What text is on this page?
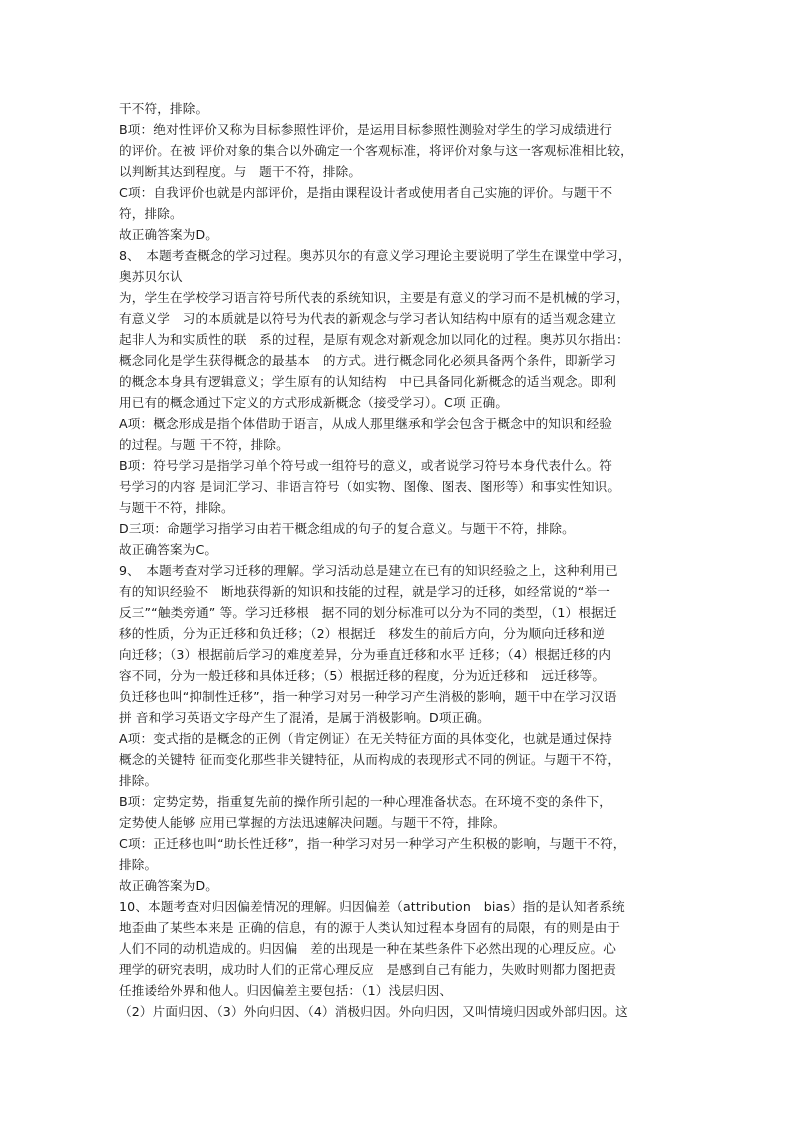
干不符，排除。
B项：绝对性评价又称为目标参照性评价，是运用目标参照性测验对学生的学习成绩进行
的评价。在被 评价对象的集合以外确定一个客观标准，将评价对象与这一客观标准相比较，
以判断其达到程度。与　题干不符，排除。
C项：自我评价也就是内部评价，是指由课程设计者或使用者自己实施的评价。与题干不
符，排除。
故正确答案为D。
8、　本题考查概念的学习过程。奥苏贝尔的有意义学习理论主要说明了学生在课堂中学习，
奥苏贝尔认
为，学生在学校学习语言符号所代表的系统知识，主要是有意义的学习而不是机械的学习，
有意义学　习的本质就是以符号为代表的新观念与学习者认知结构中原有的适当观念建立
起非人为和实质性的联　系的过程，是原有观念对新观念加以同化的过程。奥苏贝尔指出：
概念同化是学生获得概念的最基本　的方式。进行概念同化必须具备两个条件，即新学习
的概念本身具有逻辑意义；学生原有的认知结构　中已具备同化新概念的适当观念。即利
用已有的概念通过下定义的方式形成新概念（接受学习）。C项 正确。
A项：概念形成是指个体借助于语言，从成人那里继承和学会包含于概念中的知识和经验
的过程。与题 干不符，排除。
B项：符号学习是指学习单个符号或一组符号的意义，或者说学习符号本身代表什么。符
号学习的内容 是词汇学习、非语言符号（如实物、图像、图表、图形等）和事实性知识。
与题干不符，排除。
D三项：命题学习指学习由若干概念组成的句子的复合意义。与题干不符，排除。
故正确答案为C。
9、　本题考查对学习迁移的理解。学习活动总是建立在已有的知识经验之上，这种利用已
有的知识经验不　断地获得新的知识和技能的过程，就是学习的迁移，如经常说的“举一
反三”“触类旁通” 等。学习迁移根　据不同的划分标准可以分为不同的类型，（1）根据迁
移的性质，分为正迁移和负迁移；（2）根据迁　移发生的前后方向，分为顺向迁移和逆
向迁移；（3）根据前后学习的难度差异，分为垂直迁移和水平 迁移；（4）根据迁移的内
容不同，分为一般迁移和具体迁移；（5）根据迁移的程度，分为近迁移和　远迁移等。
负迁移也叫“抑制性迁移”，指一种学习对另一种学习产生消极的影响，题干中在学习汉语
拼 音和学习英语文字母产生了混淆，是属于消极影响。D项正确。
A项：变式指的是概念的正例（肯定例证）在无关特征方面的具体变化，也就是通过保持
概念的关键特 征而变化那些非关键特征，从而构成的表现形式不同的例证。与题干不符，
排除。
B项：定势定势，指重复先前的操作所引起的一种心理准备状态。在环境不变的条件下，
定势使人能够 应用已掌握的方法迅速解决问题。与题干不符，排除。
C项：正迁移也叫“助长性迁移”，指一种学习对另一种学习产生积极的影响，与题干不符，
排除。
故正确答案为D。
10、本题考查对归因偏差情况的理解。归因偏差（attribution　bias）指的是认知者系统
地歪曲了某些本来是 正确的信息，有的源于人类认知过程本身固有的局限，有的则是由于
人们不同的动机造成的。归因偏　差的出现是一种在某些条件下必然出现的心理反应。心
理学的研究表明，成功时人们的正常心理反应　是感到自己有能力，失败时则都力图把责
任推诿给外界和他人。归因偏差主要包括：（1）浅层归因、
（2）片面归因、（3）外向归因、（4）消极归因。外向归因，又叫情境归因或外部归因。这
